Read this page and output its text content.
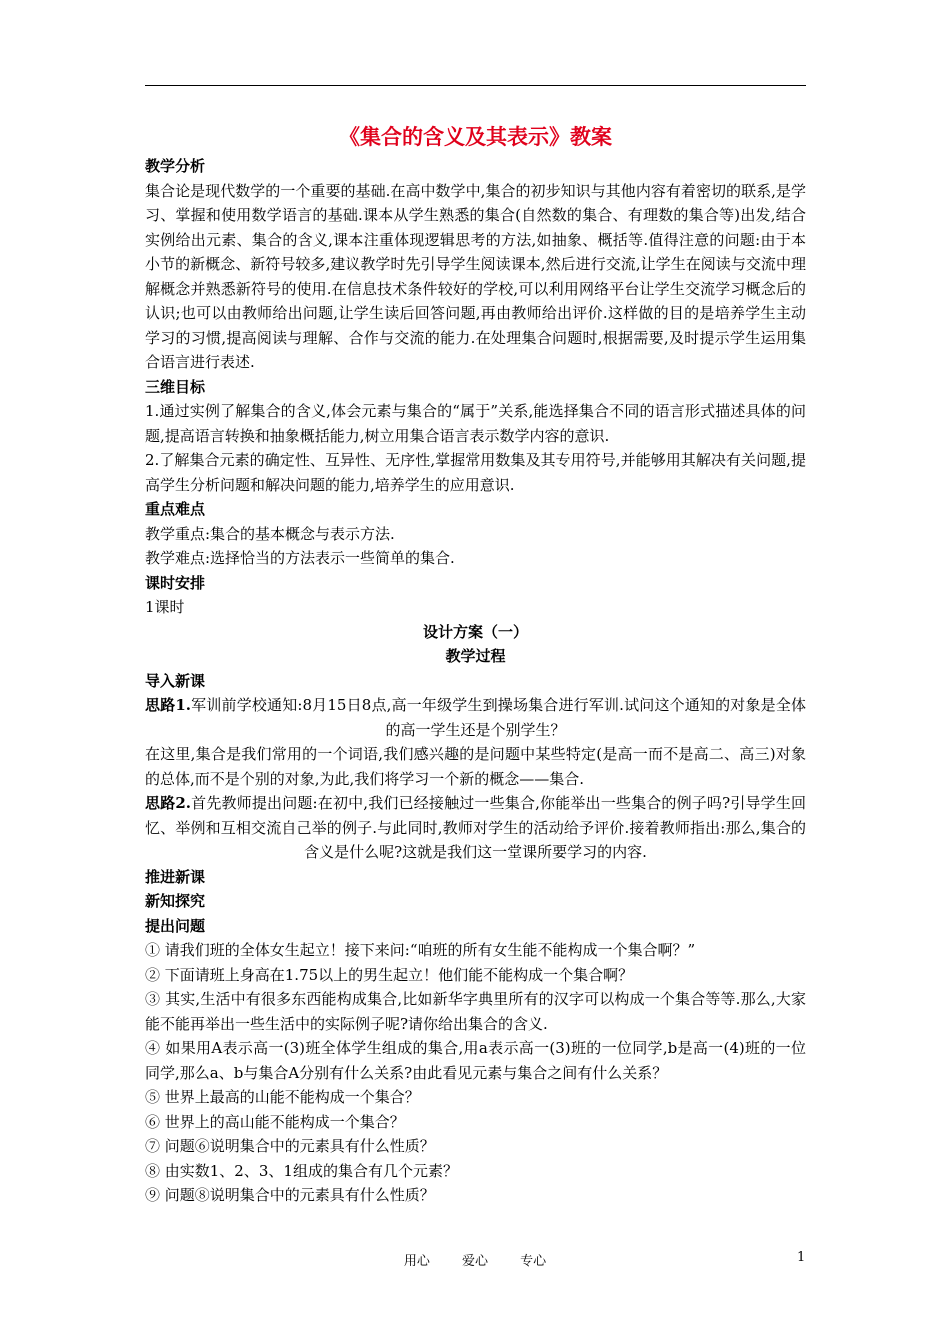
《集合的含义及其表示》教案
教学分析
集合论是现代数学的一个重要的基础.在高中数学中,集合的初步知识与其他内容有着密切的联系,是学习、掌握和使用数学语言的基础.课本从学生熟悉的集合(自然数的集合、有理数的集合等)出发,结合实例给出元素、集合的含义,课本注重体现逻辑思考的方法,如抽象、概括等.值得注意的问题:由于本小节的新概念、新符号较多,建议教学时先引导学生阅读课本,然后进行交流,让学生在阅读与交流中理解概念并熟悉新符号的使用.在信息技术条件较好的学校,可以利用网络平台让学生交流学习概念后的认识;也可以由教师给出问题,让学生读后回答问题,再由教师给出评价.这样做的目的是培养学生主动学习的习惯,提高阅读与理解、合作与交流的能力.在处理集合问题时,根据需要,及时提示学生运用集合语言进行表述.
三维目标
1.通过实例了解集合的含义,体会元素与集合的“属于”关系,能选择集合不同的语言形式描述具体的问题,提高语言转换和抽象概括能力,树立用集合语言表示数学内容的意识.
2.了解集合元素的确定性、互异性、无序性,掌握常用数集及其专用符号,并能够用其解决有关问题,提高学生分析问题和解决问题的能力,培养学生的应用意识.
重点难点
教学重点:集合的基本概念与表示方法.
教学难点:选择恰当的方法表示一些简单的集合.
课时安排
1课时
设计方案（一）
教学过程
导入新课
思路1.军训前学校通知:8月15日8点,高一年级学生到操场集合进行军训.试问这个通知的对象是全体的高一学生还是个别学生？
在这里,集合是我们常用的一个词语,我们感兴趣的是问题中某些特定(是高一而不是高二、高三)对象的总体,而不是个别的对象,为此,我们将学习一个新的概念——集合.
思路2.首先教师提出问题:在初中,我们已经接触过一些集合,你能举出一些集合的例子吗?引导学生回忆、举例和互相交流自己举的例子.与此同时,教师对学生的活动给予评价.接着教师指出:那么,集合的含义是什么呢?这就是我们这一堂课所要学习的内容.
推进新课
新知探究
提出问题
① 请我们班的全体女生起立！接下来问:“咱班的所有女生能不能构成一个集合啊？”
② 下面请班上身高在1.75以上的男生起立！他们能不能构成一个集合啊？
③ 其实,生活中有很多东西能构成集合,比如新华字典里所有的汉字可以构成一个集合等等.那么,大家能不能再举出一些生活中的实际例子呢?请你给出集合的含义.
④ 如果用A表示高一(3)班全体学生组成的集合,用a表示高一(3)班的一位同学,b是高一(4)班的一位同学,那么a、b与集合A分别有什么关系?由此看见元素与集合之间有什么关系？
⑤ 世界上最高的山能不能构成一个集合？
⑥ 世界上的高山能不能构成一个集合？
⑦ 问题⑥说明集合中的元素具有什么性质？
⑧ 由实数1、2、3、1组成的集合有几个元素？
⑨ 问题⑧说明集合中的元素具有什么性质？
用心 爱心 专心	1
